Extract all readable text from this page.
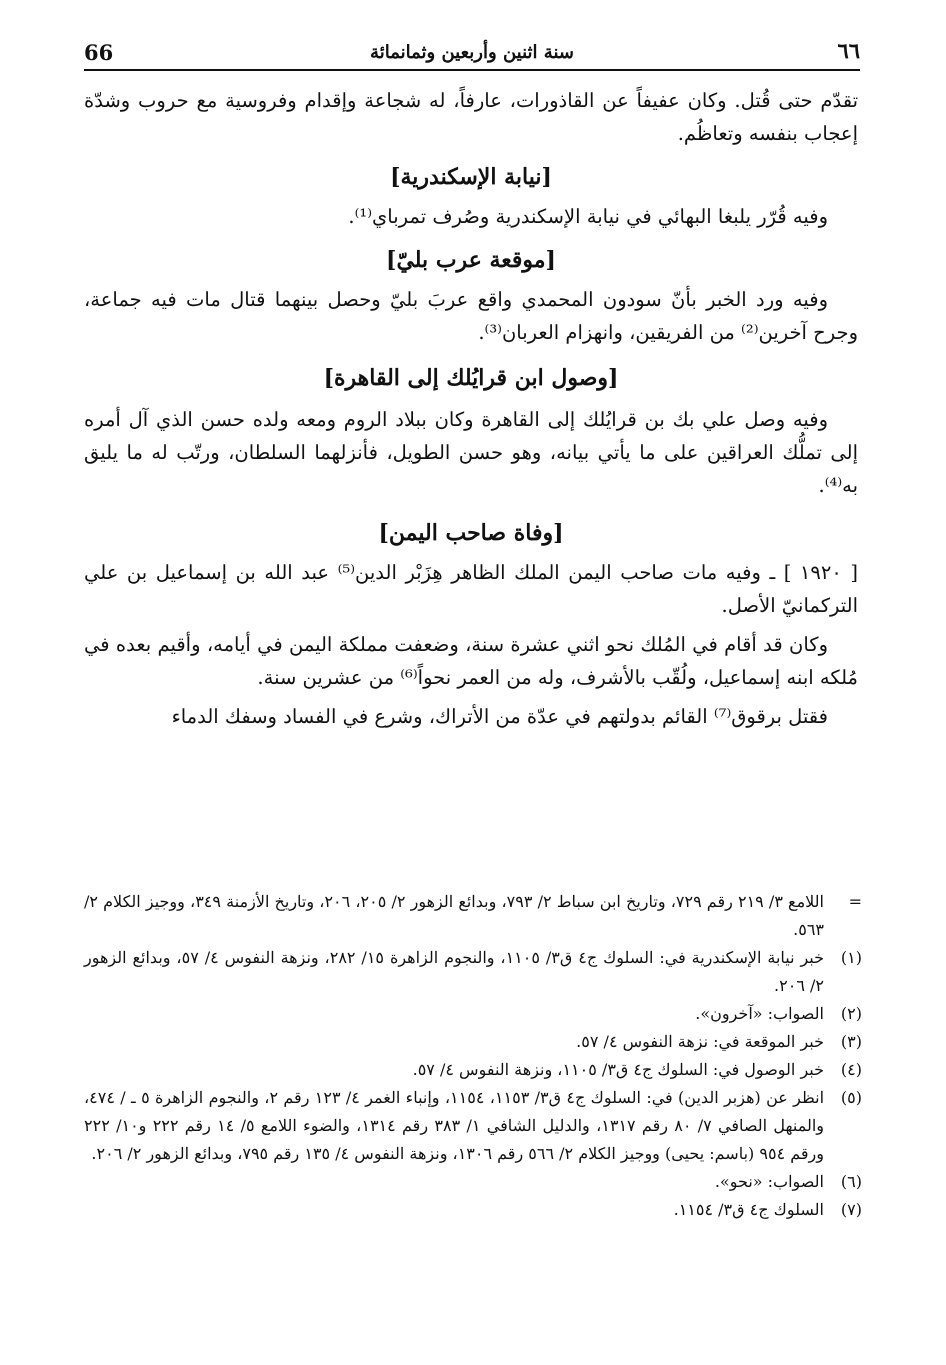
66	سنة اثنين وأربعين وثمانمائة	٦٦

تقدّم حتى قُتل. وكان عفيفاً عن القاذورات، عارفاً، له شجاعة وإقدام وفروسية مع حروب وشدّة إعجاب بنفسه وتعاظُم.

[نيابة الإسكندرية]

وفيه قُرّر يلبغا البهائي في نيابة الإسكندرية وصُرف تمرباي⁽¹⁾.

[موقعة عرب بليّ]

وفيه ورد الخبر بأنّ سودون المحمدي واقع عربَ بليّ وحصل بينهما قتال مات فيه جماعة، وجرح آخرين⁽²⁾ من الفريقين، وانهزام العربان⁽³⁾.

[وصول ابن قرايُلك إلى القاهرة]

وفيه وصل علي بك بن قرايُلك إلى القاهرة وكان ببلاد الروم ومعه ولده حسن الذي آل أمره إلى تملُّك العراقين على ما يأتي بيانه، وهو حسن الطويل، فأنزلهما السلطان، ورتّب له ما يليق به⁽⁴⁾.

[وفاة صاحب اليمن]

[ ١٩٢٠ ] ـ وفيه مات صاحب اليمن الملك الظاهر هِزَبْر الدين⁽⁵⁾ عبد الله بن إسماعيل بن علي التركمانيّ الأصل.

وكان قد أقام في المُلك نحو اثني عشرة سنة، وضعفت مملكة اليمن في أيامه، وأقيم بعده في مُلكه ابنه إسماعيل، ولُقّب بالأشرف، وله من العمر نحواً⁽⁶⁾ من عشرين سنة.

فقتل برقوق⁽⁷⁾ القائم بدولتهم في عدّة من الأتراك، وشرع في الفساد وسفك الدماء

=
اللامع ٣/ ٢١٩ رقم ٧٢٩، وتاريخ ابن سباط ٢/ ٧٩٣، وبدائع الزهور ٢/ ٢٠٥، ٢٠٦، وتاريخ الأزمنة ٣٤٩، ووجيز الكلام ٢/ ٥٦٣.
(١)
خبر نيابة الإسكندرية في: السلوك ج٤ ق٣/ ١١٠٥، والنجوم الزاهرة ١٥/ ٢٨٢، ونزهة النفوس ٤/ ٥٧، وبدائع الزهور ٢/ ٢٠٦.
(٢)
الصواب: «آخرون».
(٣)
خبر الموقعة في: نزهة النفوس ٤/ ٥٧.
(٤)
خبر الوصول في: السلوك ج٤ ق٣/ ١١٠٥، ونزهة النفوس ٤/ ٥٧.
(٥)
انظر عن (هزبر الدين) في: السلوك ج٤ ق٣/ ١١٥٣، ١١٥٤، وإنباء الغمر ٤/ ١٢٣ رقم ٢، والنجوم الزاهرة ٥ ـ / ٤٧٤، والمنهل الصافي ٧/ ٨٠ رقم ١٣١٧، والدليل الشافي ١/ ٣٨٣ رقم ١٣١٤، والضوء اللامع ٥/ ١٤ رقم ٢٢٢ و١٠/ ٢٢٢ ورقم ٩٥٤ (باسم: يحيى) ووجيز الكلام ٢/ ٥٦٦ رقم ١٣٠٦، ونزهة النفوس ٤/ ١٣٥ رقم ٧٩٥، وبدائع الزهور ٢/ ٢٠٦.
(٦)
الصواب: «نحو».
(٧)
السلوك ج٤ ق٣/ ١١٥٤.
